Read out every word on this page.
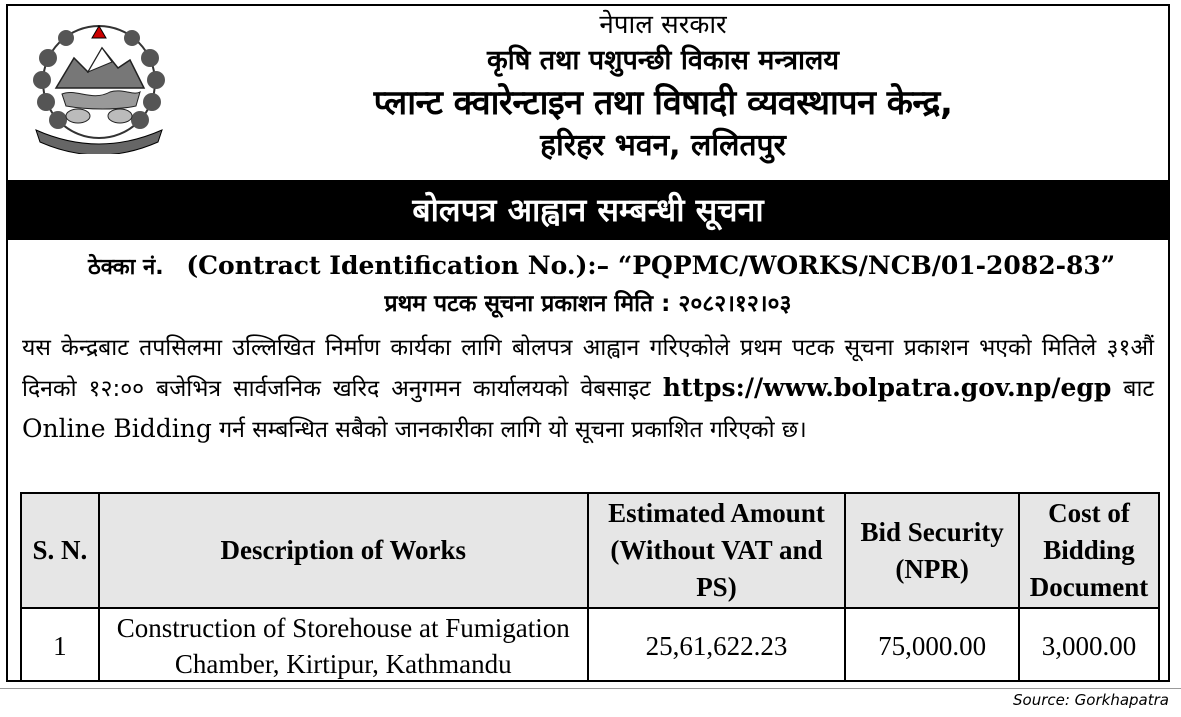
नेपाल सरकार
कृषि तथा पशुपन्छी विकास मन्त्रालय
प्लान्ट क्वारेन्टाइन तथा विषादी व्यवस्थापन केन्द्र,
हरिहर भवन, ललितपुर
बोलपत्र आह्वान सम्बन्धी सूचना
ठेक्का नं. (Contract Identification No.):– “PQPMC/WORKS/NCB/01-2082-83”
प्रथम पटक सूचना प्रकाशन मिति : २०८२।१२।०३
यस केन्द्रबाट तपसिलमा उल्लिखित निर्माण कार्यका लागि बोलपत्र आह्वान गरिएकोले प्रथम पटक सूचना प्रकाशन भएको मितिले ३१औं दिनको १२:०० बजेभित्र सार्वजनिक खरिद अनुगमन कार्यालयको वेबसाइट https://www.bolpatra.gov.np/egp बाट Online Bidding गर्न सम्बन्धित सबैको जानकारीका लागि यो सूचना प्रकाशित गरिएको छ।
S. N.	Description of Works	Estimated Amount (Without VAT and PS)	Bid Security (NPR)	Cost of Bidding Document
1	Construction of Storehouse at Fumigation Chamber, Kirtipur, Kathmandu	25,61,622.23	75,000.00	3,000.00
Source: Gorkhapatra
